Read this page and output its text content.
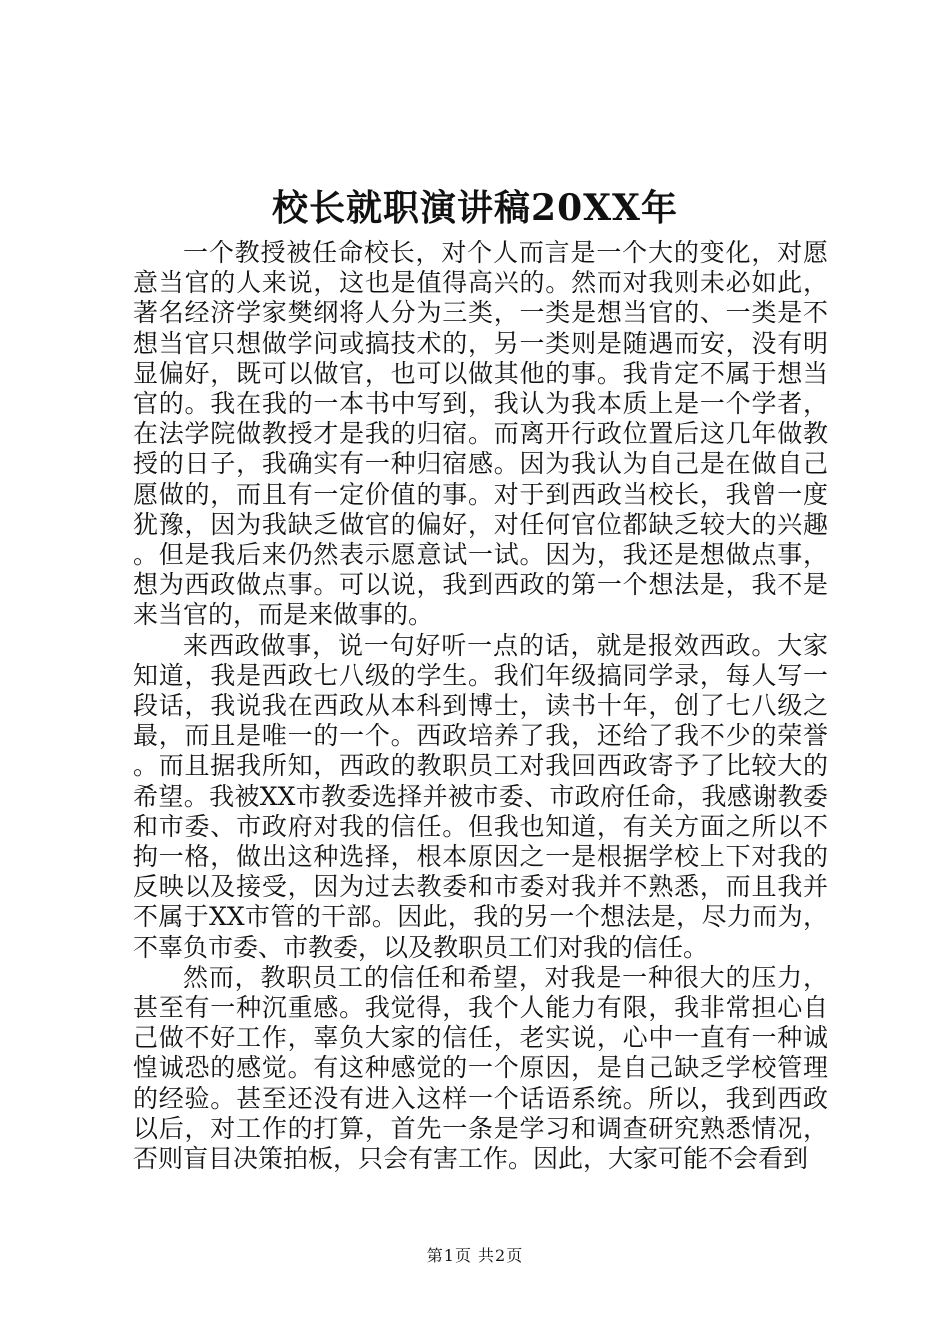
校长就职演讲稿20XX年

一个教授被任命校长，对个人而言是一个大的变化，对愿意当官的人来说，这也是值得高兴的。然而对我则未必如此，著名经济学家樊纲将人分为三类，一类是想当官的、一类是不想当官只想做学问或搞技术的，另一类则是随遇而安，没有明显偏好，既可以做官，也可以做其他的事。我肯定不属于想当官的。我在我的一本书中写到，我认为我本质上是一个学者，在法学院做教授才是我的归宿。而离开行政位置后这几年做教授的日子，我确实有一种归宿感。因为我认为自己是在做自己愿做的，而且有一定价值的事。对于到西政当校长，我曾一度犹豫，因为我缺乏做官的偏好，对任何官位都缺乏较大的兴趣。但是我后来仍然表示愿意试一试。因为，我还是想做点事，想为西政做点事。可以说，我到西政的第一个想法是，我不是来当官的，而是来做事的。

来西政做事，说一句好听一点的话，就是报效西政。大家知道，我是西政七八级的学生。我们年级搞同学录，每人写一段话，我说我在西政从本科到博士，读书十年，创了七八级之最，而且是唯一的一个。西政培养了我，还给了我不少的荣誉。而且据我所知，西政的教职员工对我回西政寄予了比较大的希望。我被XX市教委选择并被市委、市政府任命，我感谢教委和市委、市政府对我的信任。但我也知道，有关方面之所以不拘一格，做出这种选择，根本原因之一是根据学校上下对我的反映以及接受，因为过去教委和市委对我并不熟悉，而且我并不属于XX市管的干部。因此，我的另一个想法是，尽力而为，不辜负市委、市教委，以及教职员工们对我的信任。

然而，教职员工的信任和希望，对我是一种很大的压力，甚至有一种沉重感。我觉得，我个人能力有限，我非常担心自己做不好工作，辜负大家的信任，老实说，心中一直有一种诚惶诚恐的感觉。有这种感觉的一个原因，是自己缺乏学校管理的经验。甚至还没有进入这样一个话语系统。所以，我到西政以后，对工作的打算，首先一条是学习和调查研究熟悉情况，否则盲目决策拍板，只会有害工作。因此，大家可能不会看到

第1页 共2页
